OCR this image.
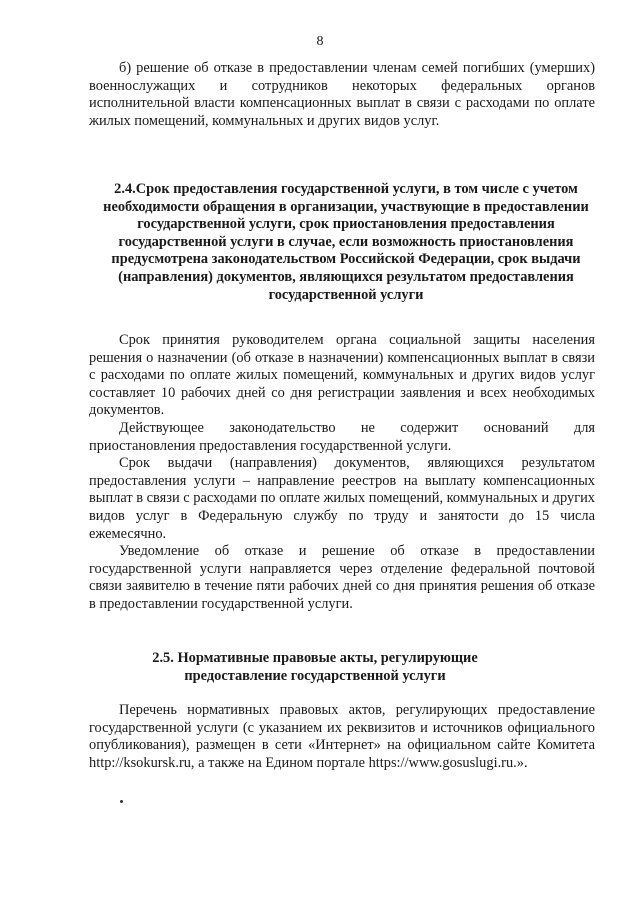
8

б) решение об отказе в предоставлении членам семей погибших (умерших) военнослужащих и сотрудников некоторых федеральных органов исполнительной власти компенсационных выплат в связи с расходами по оплате жилых помещений, коммунальных и других видов услуг.

2.4.Срок предоставления государственной услуги, в том числе с учетом необходимости обращения в организации, участвующие в предоставлении государственной услуги, срок приостановления предоставления государственной услуги в случае, если возможность приостановления предусмотрена законодательством Российской Федерации, срок выдачи (направления) документов, являющихся результатом предоставления государственной услуги

Срок принятия руководителем органа социальной защиты населения решения о назначении (об отказе в назначении) компенсационных выплат в связи с расходами по оплате жилых помещений, коммунальных и других видов услуг составляет 10 рабочих дней со дня регистрации заявления и всех необходимых документов.

Действующее законодательство не содержит оснований для приостановления предоставления государственной услуги.

Срок выдачи (направления) документов, являющихся результатом предоставления услуги – направление реестров на выплату компенсационных выплат в связи с расходами по оплате жилых помещений, коммунальных и других видов услуг в Федеральную службу по труду и занятости до 15 числа ежемесячно.

Уведомление об отказе и решение об отказе в предоставлении государственной услуги направляется через отделение федеральной почтовой связи заявителю в течение пяти рабочих дней со дня принятия решения об отказе в предоставлении государственной услуги.

2.5. Нормативные правовые акты, регулирующие
предоставление государственной услуги

Перечень нормативных правовых актов, регулирующих предоставление государственной услуги (с указанием их реквизитов и источников официального опубликования), размещен в сети «Интернет» на официальном сайте Комитета http://ksokursk.ru, а также на Едином портале https://www.gosuslugi.ru.».
